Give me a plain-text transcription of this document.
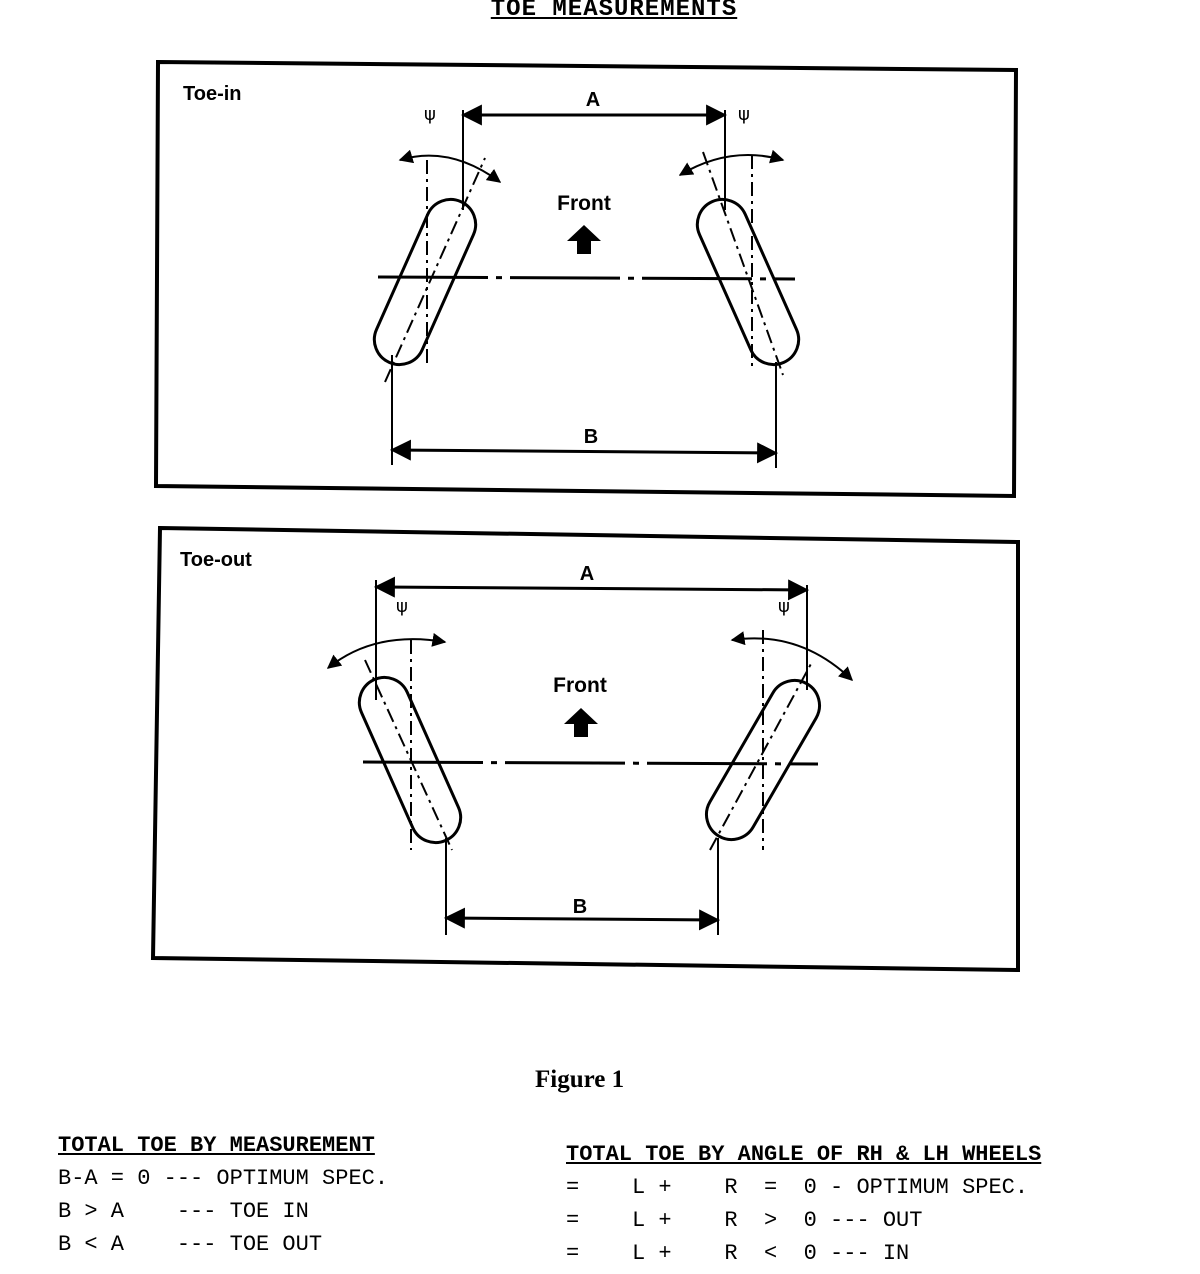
TOE MEASUREMENTS
Toe-in
ψ	ψ
A
B
Front
Toe-out
ψ	ψ
A
B
Front
Figure 1
TOTAL TOE BY MEASUREMENT
B-A = 0 --- OPTIMUM SPEC.
B > A    --- TOE IN
B < A    --- TOE OUT
TOTAL TOE BY ANGLE OF RH & LH WHEELS
=    L +    R  =  0 - OPTIMUM SPEC.
=    L +    R  >  0 --- OUT
=    L +    R  <  0 --- IN
